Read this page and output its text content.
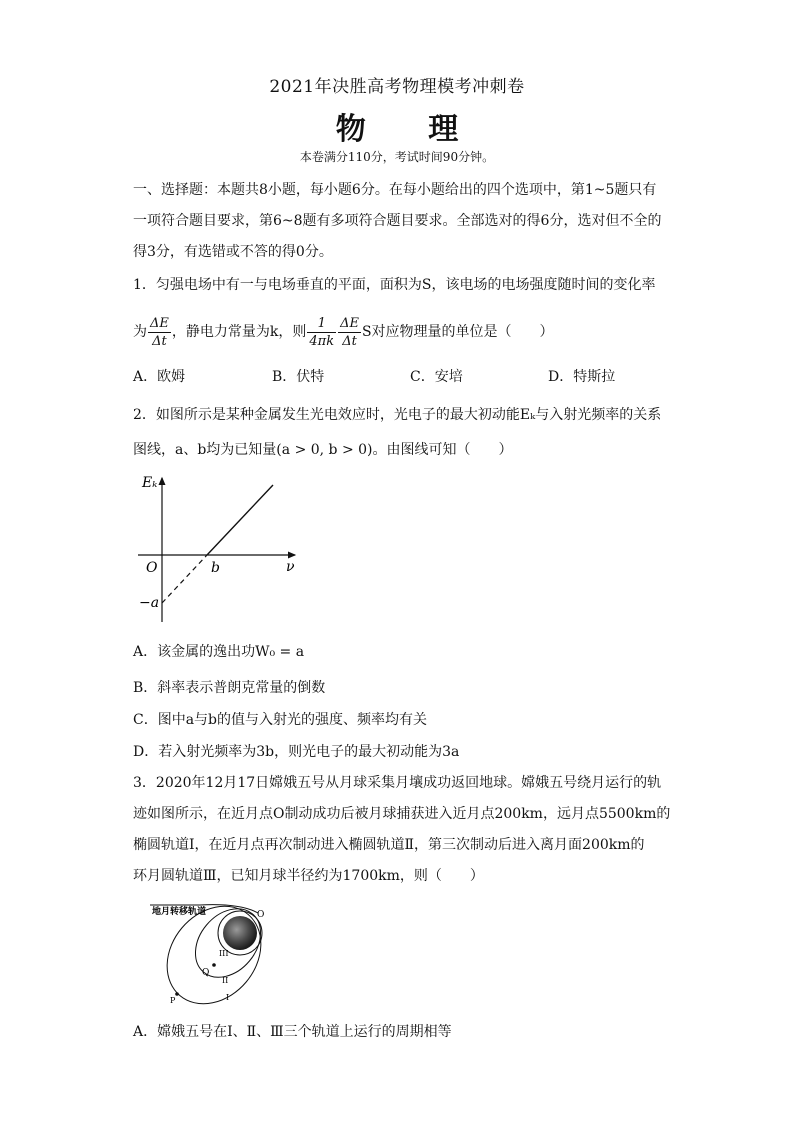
2021年决胜高考物理模考冲刺卷
物 理
本卷满分110分，考试时间90分钟。
一、选择题：本题共8小题，每小题6分。在每小题给出的四个选项中，第1~5题只有
一项符合题目要求，第6~8题有多项符合题目要求。全部选对的得6分，选对但不全的
得3分，有选错或不答的得0分。
1．匀强电场中有一与电场垂直的平面，面积为S，该电场的电场强度随时间的变化率
为 $\frac{\Delta E}{\Delta t}$ ，静电力常量为k，则 $\frac{1}{4\pi k} \frac{\Delta E}{\Delta t}$ S对应物理量的单位是（　　）
A．欧姆	B．伏特	C．安培	D．特斯拉
2．如图所示是某种金属发生光电效应时，光电子的最大初动能Eₖ与入射光频率的关系
图线，a、b均为已知量(a > 0, b > 0)。由图线可知（　　）
Eₖ
ν
O	b
−a
A．该金属的逸出功W₀ = a
B．斜率表示普朗克常量的倒数
C．图中a与b的值与入射光的强度、频率均有关
D．若入射光频率为3b，则光电子的最大初动能为3a
3．2020年12月17日嫦娥五号从月球采集月壤成功返回地球。嫦娥五号绕月运行的轨
迹如图所示，在近月点O制动成功后被月球捕获进入近月点200km，远月点5500km的
椭圆轨道Ⅰ，在近月点再次制动进入椭圆轨道Ⅱ，第三次制动后进入离月面200km的
环月圆轨道Ⅲ，已知月球半径约为1700km，则（　　）
地月转移轨道	O
III
Q
II
P	I
A．嫦娥五号在Ⅰ、Ⅱ、Ⅲ三个轨道上运行的周期相等
